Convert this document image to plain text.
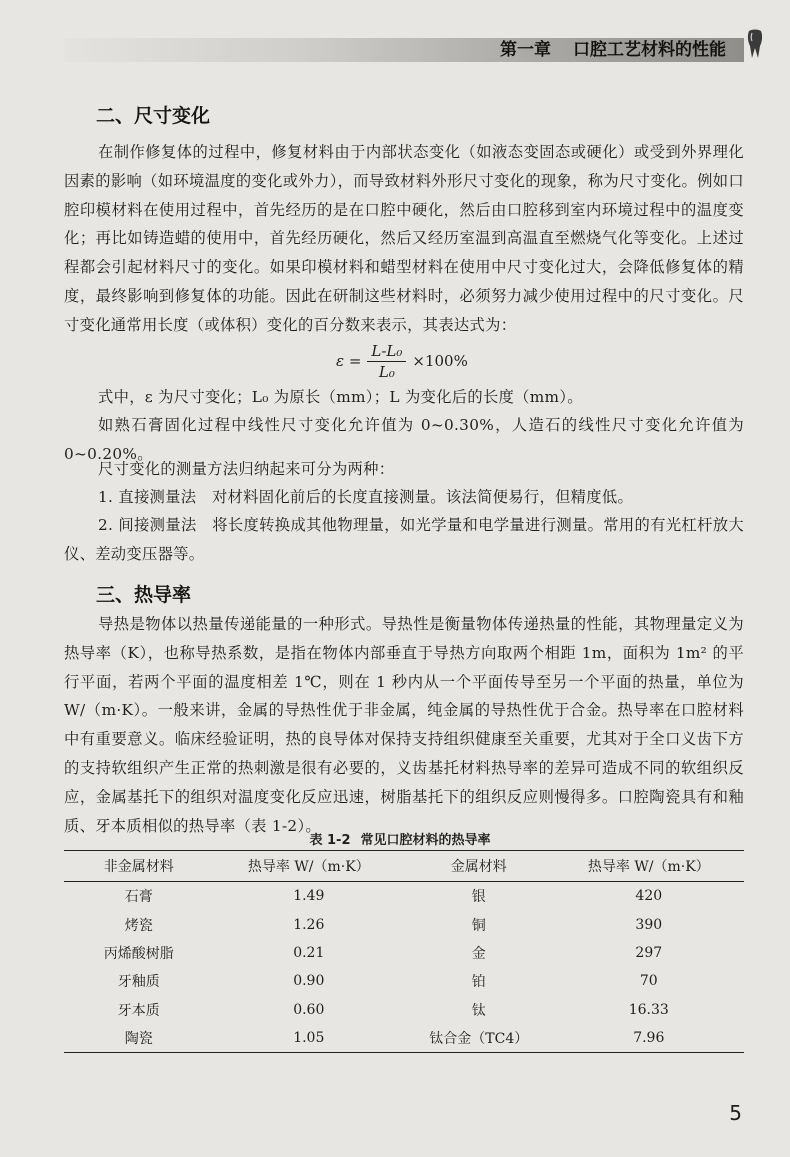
第一章 口腔工艺材料的性能
二、尺寸变化

在制作修复体的过程中，修复材料由于内部状态变化（如液态变固态或硬化）或受到外界理化因素的影响（如环境温度的变化或外力），而导致材料外形尺寸变化的现象，称为尺寸变化。例如口腔印模材料在使用过程中，首先经历的是在口腔中硬化，然后由口腔移到室内环境过程中的温度变化；再比如铸造蜡的使用中，首先经历硬化，然后又经历室温到高温直至燃烧气化等变化。上述过程都会引起材料尺寸的变化。如果印模材料和蜡型材料在使用中尺寸变化过大，会降低修复体的精度，最终影响到修复体的功能。因此在研制这些材料时，必须努力减少使用过程中的尺寸变化。尺寸变化通常用长度（或体积）变化的百分数来表示，其表达式为：

$\varepsilon = \frac{\text{L-L₀}}{\text{L₀}} \times 100\%$

式中，ε 为尺寸变化；L₀ 为原长（mm）；L 为变化后的长度（mm）。

如熟石膏固化过程中线性尺寸变化允许值为 0~0.30%，人造石的线性尺寸变化允许值为 0~0.20%。

尺寸变化的测量方法归纳起来可分为两种：

1. 直接测量法　对材料固化前后的长度直接测量。该法简便易行，但精度低。

2. 间接测量法　将长度转换成其他物理量，如光学量和电学量进行测量。常用的有光杠杆放大仪、差动变压器等。

三、热导率

导热是物体以热量传递能量的一种形式。导热性是衡量物体传递热量的性能，其物理量定义为热导率（K），也称导热系数，是指在物体内部垂直于导热方向取两个相距 1m，面积为 1m² 的平行平面，若两个平面的温度相差 1℃，则在 1 秒内从一个平面传导至另一个平面的热量，单位为 W/（m·K）。一般来讲，金属的导热性优于非金属，纯金属的导热性优于合金。热导率在口腔材料中有重要意义。临床经验证明，热的良导体对保持支持组织健康至关重要，尤其对于全口义齿下方的支持软组织产生正常的热刺激是很有必要的，义齿基托材料热导率的差异可造成不同的软组织反应，金属基托下的组织对温度变化反应迅速，树脂基托下的组织反应则慢得多。口腔陶瓷具有和釉质、牙本质相似的热导率（表 1-2）。

表 1-2 常见口腔材料的热导率
非金属材料	热导率 W/（m·K）	金属材料	热导率 W/（m·K）
石膏	1.49	银	420
烤瓷	1.26	铜	390
丙烯酸树脂	0.21	金	297
牙釉质	0.90	铂	70
牙本质	0.60	钛	16.33
陶瓷	1.05	钛合金（TC4）	7.96
5
